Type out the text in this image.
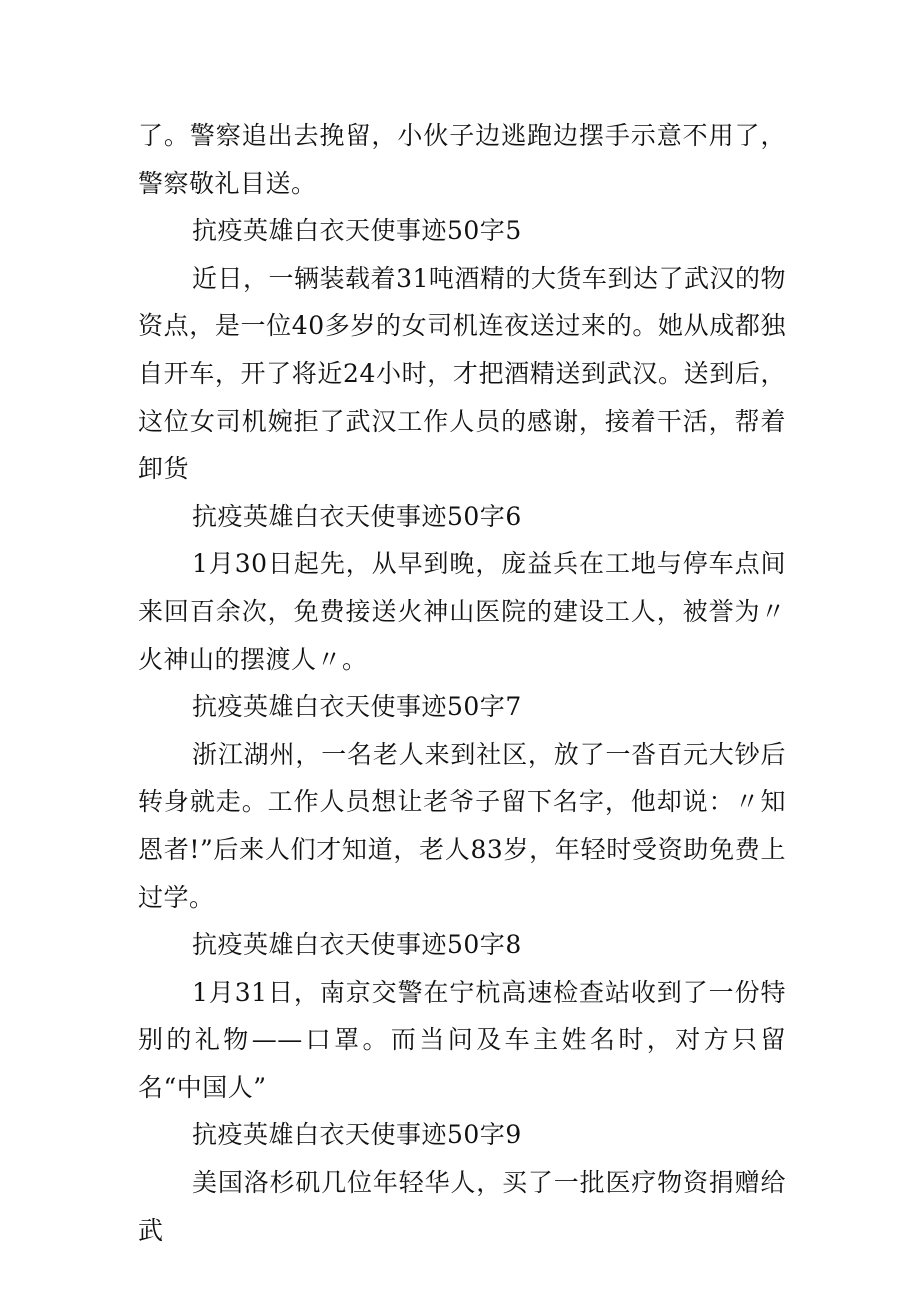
了。警察追出去挽留，小伙子边逃跑边摆手示意不用了，警察敬礼目送。

抗疫英雄白衣天使事迹50字5

近日，一辆装载着31吨酒精的大货车到达了武汉的物资点，是一位40多岁的女司机连夜送过来的。她从成都独自开车，开了将近24小时，才把酒精送到武汉。送到后，这位女司机婉拒了武汉工作人员的感谢，接着干活，帮着卸货

抗疫英雄白衣天使事迹50字6

1月30日起先，从早到晚，庞益兵在工地与停车点间来回百余次，免费接送火神山医院的建设工人，被誉为〃火神山的摆渡人〃。

抗疫英雄白衣天使事迹50字7

浙江湖州，一名老人来到社区，放了一沓百元大钞后转身就走。工作人员想让老爷子留下名字，他却说：〃知恩者!”后来人们才知道，老人83岁，年轻时受资助免费上过学。

抗疫英雄白衣天使事迹50字8

1月31日，南京交警在宁杭高速检查站收到了一份特别的礼物——口罩。而当问及车主姓名时，对方只留名“中国人”

抗疫英雄白衣天使事迹50字9

美国洛杉矶几位年轻华人，买了一批医疗物资捐赠给武
